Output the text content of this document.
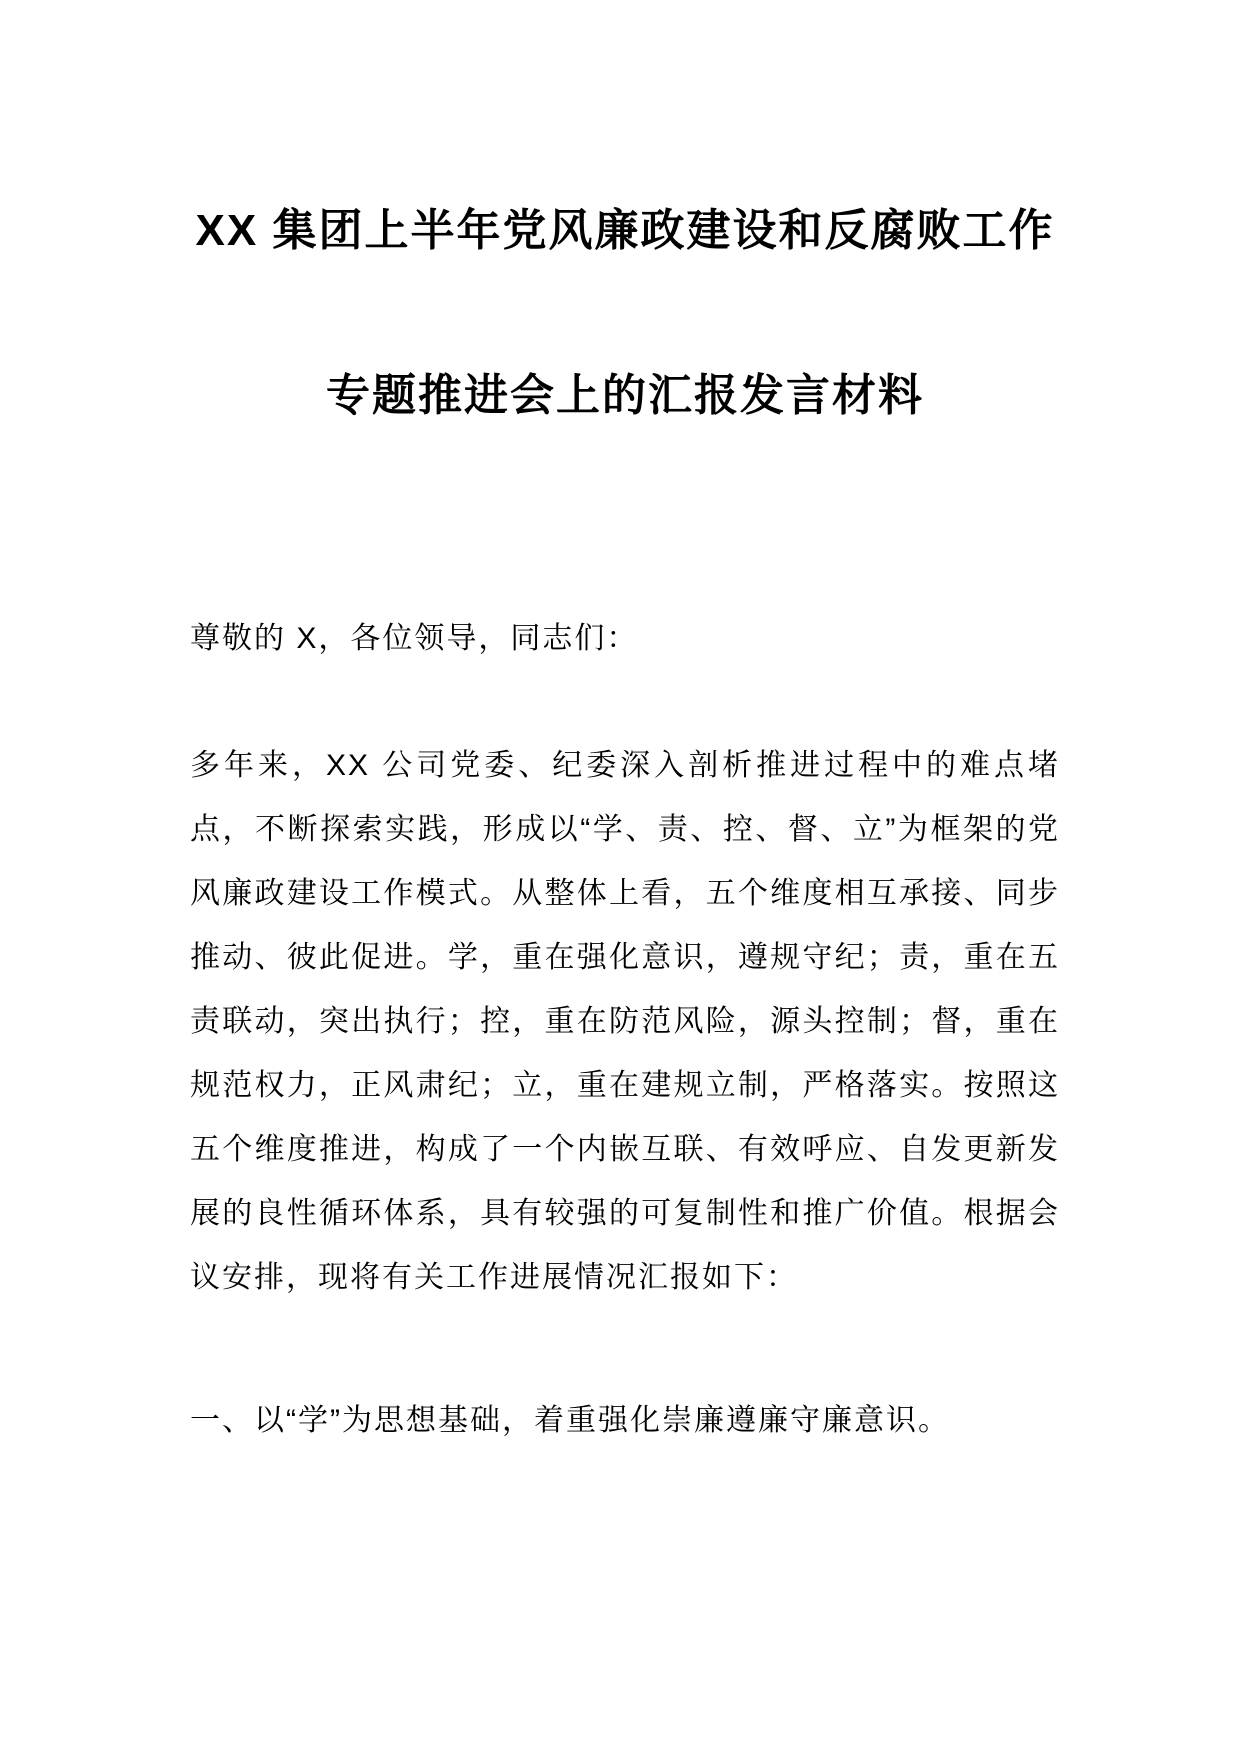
XX 集团上半年党风廉政建设和反腐败工作
专题推进会上的汇报发言材料

尊敬的 X，各位领导，同志们：

多年来，XX 公司党委、纪委深入剖析推进过程中的难点堵点，不断探索实践，形成以“学、责、控、督、立”为框架的党风廉政建设工作模式。从整体上看，五个维度相互承接、同步推动、彼此促进。学，重在强化意识，遵规守纪；责，重在五责联动，突出执行；控，重在防范风险，源头控制；督，重在规范权力，正风肃纪；立，重在建规立制，严格落实。按照这五个维度推进，构成了一个内嵌互联、有效呼应、自发更新发展的良性循环体系，具有较强的可复制性和推广价值。根据会议安排，现将有关工作进展情况汇报如下：

一、以“学”为思想基础，着重强化崇廉遵廉守廉意识。
